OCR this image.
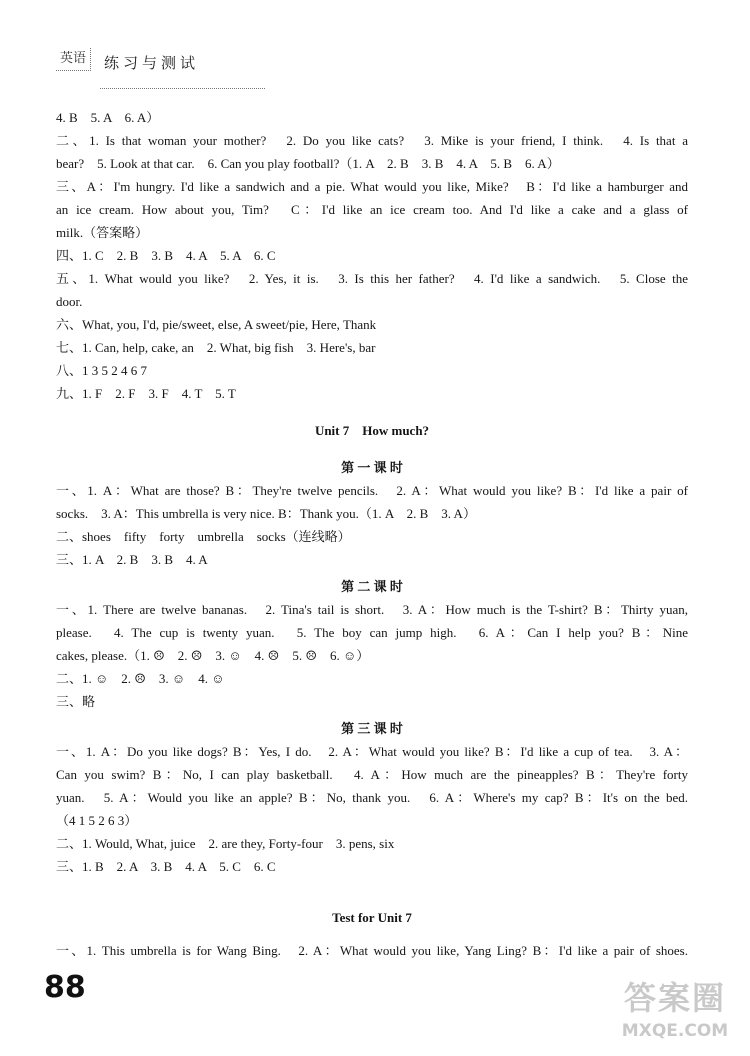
英语	练习与测试
4. B　5. A　6. A）
二、1. Is that woman your mother?　2. Do you like cats?　3. Mike is your friend, I think.　4. Is that a
bear?　5. Look at that car.　6. Can you play football?（1. A　2. B　3. B　4. A　5. B　6. A）
三、A：I'm hungry. I'd like a sandwich and a pie. What would you like, Mike?　B：I'd like a hamburger and
an ice cream. How about you, Tim?　C：I'd like an ice cream too. And I'd like a cake and a glass of
milk.（答案略）
四、1. C　2. B　3. B　4. A　5. A　6. C
五、1. What would you like?　2. Yes, it is.　3. Is this her father?　4. I'd like a sandwich.　5. Close the
door.
六、What, you, I'd, pie/sweet, else, A sweet/pie, Here, Thank
七、1. Can, help, cake, an　2. What, big fish　3. Here's, bar
八、1 3 5 2 4 6 7
九、1. F　2. F　3. F　4. T　5. T
Unit 7　How much?
第 一 课 时
一、1. A：What are those? B：They're twelve pencils.　2. A：What would you like? B：I'd like a pair of
socks.　3. A：This umbrella is very nice. B：Thank you.（1. A　2. B　3. A）
二、shoes　fifty　forty　umbrella　socks（连线略）
三、1. A　2. B　3. B　4. A
第 二 课 时
一、1. There are twelve bananas.　2. Tina's tail is short.　3. A：How much is the T-shirt? B：Thirty yuan,
please.　4. The cup is twenty yuan.　5. The boy can jump high.　6. A：Can I help you? B：Nine
cakes, please.（1. ☹　2. ☹　3. ☺　4. ☹　5. ☹　6. ☺）
二、1. ☺　2. ☹　3. ☺　4. ☺
三、略
第 三 课 时
一、1. A：Do you like dogs? B：Yes, I do.　2. A：What would you like? B：I'd like a cup of tea.　3. A：
Can you swim? B：No, I can play basketball.　4. A：How much are the pineapples? B：They're forty
yuan.　5. A：Would you like an apple? B：No, thank you.　6. A：Where's my cap? B：It's on the bed.
（4 1 5 2 6 3）
二、1. Would, What, juice　2. are they, Forty-four　3. pens, six
三、1. B　2. A　3. B　4. A　5. C　6. C
Test for Unit 7
一、1. This umbrella is for Wang Bing.　2. A：What would you like, Yang Ling? B：I'd like a pair of shoes.
88	答案圈
MXQE.COM
